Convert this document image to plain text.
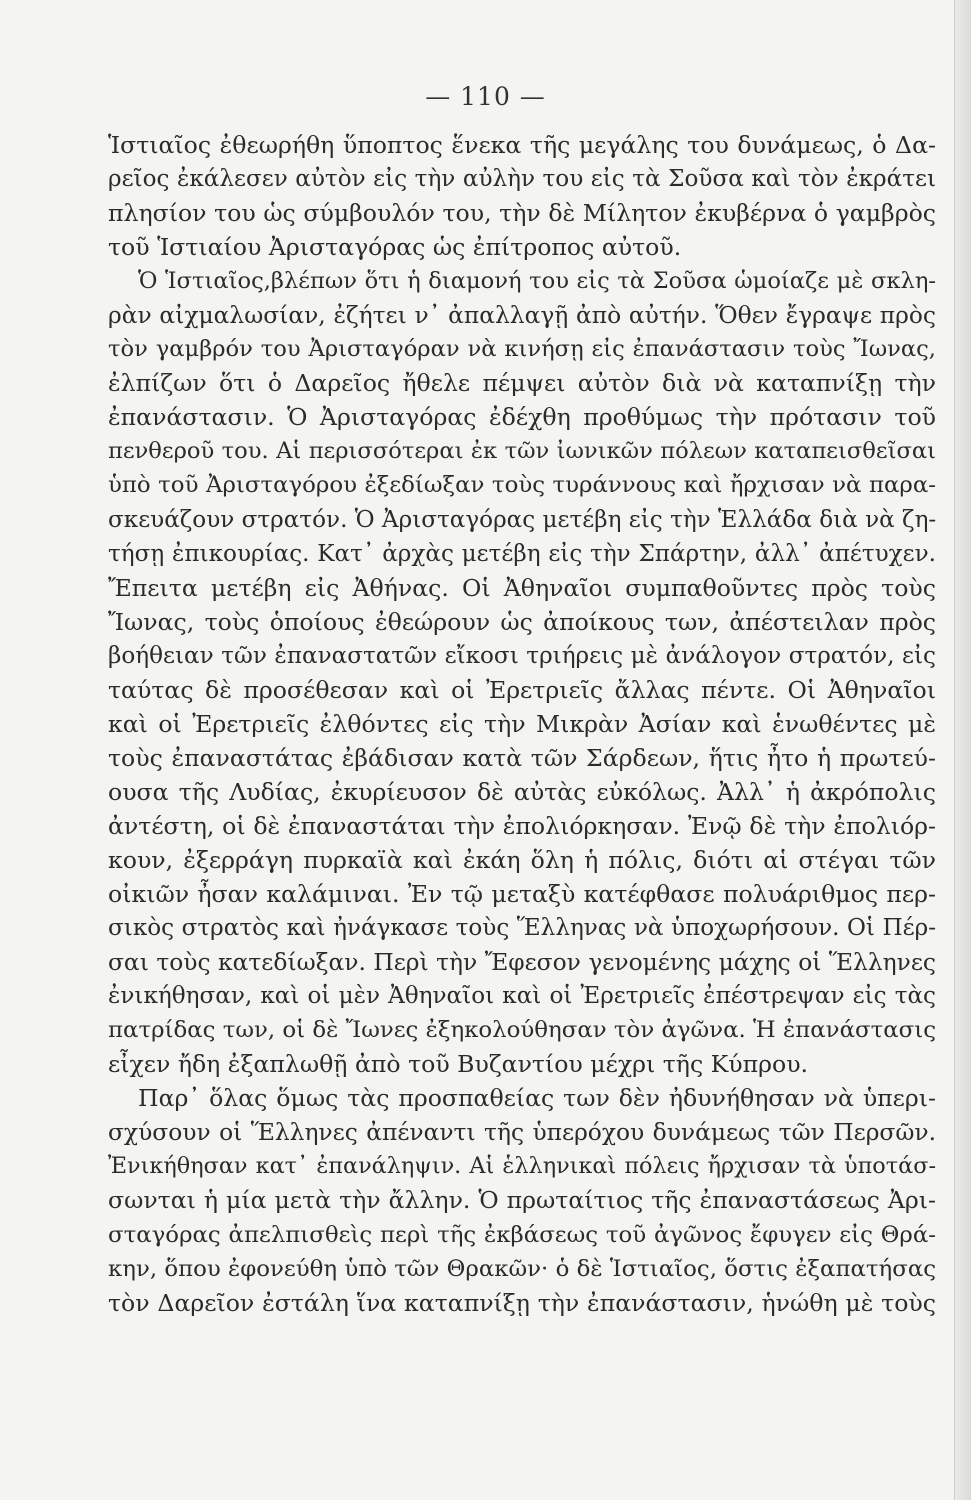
— 110 —

Ἱστιαῖος ἐθεωρήθη ὕποπτος ἕνεκα τῆς μεγάλης του δυνάμεως, ὁ Δα-
ρεῖος ἐκάλεσεν αὐτὸν εἰς τὴν αὐλὴν του εἰς τὰ Σοῦσα καὶ τὸν ἐκράτει
πλησίον του ὡς σύμβουλόν του, τὴν δὲ Μίλητον ἐκυβέρνα ὁ γαμβρὸς
τοῦ Ἱστιαίου Ἀρισταγόρας ὡς ἐπίτροπος αὐτοῦ.

Ὁ Ἱστιαῖος,βλέπων ὅτι ἡ διαμονή του εἰς τὰ Σοῦσα ὡμοίαζε μὲ σκλη-
ρὰν αἰχμαλωσίαν, ἐζήτει ν᾿ ἀπαλλαγῇ ἀπὸ αὐτήν. Ὅθεν ἔγραψε πρὸς
τὸν γαμβρόν του Ἀρισταγόραν νὰ κινήσῃ εἰς ἐπανάστασιν τοὺς Ἴωνας,
ἐλπίζων ὅτι ὁ Δαρεῖος ἤθελε πέμψει αὐτὸν διὰ νὰ καταπνίξῃ τὴν
ἐπανάστασιν. Ὁ Ἀρισταγόρας ἐδέχθη προθύμως τὴν πρότασιν τοῦ
πενθεροῦ του. Αἱ περισσότεραι ἐκ τῶν ἰωνικῶν πόλεων καταπεισθεῖσαι
ὑπὸ τοῦ Ἀρισταγόρου ἐξεδίωξαν τοὺς τυράννους καὶ ἤρχισαν νὰ παρα-
σκευάζουν στρατόν. Ὁ Ἀρισταγόρας μετέβη εἰς τὴν Ἑλλάδα διὰ νὰ ζη-
τήσῃ ἐπικουρίας. Κατ᾿ ἀρχὰς μετέβη εἰς τὴν Σπάρτην, ἀλλ᾿ ἀπέτυχεν.
Ἔπειτα μετέβη εἰς Ἀθήνας. Οἱ Ἀθηναῖοι συμπαθοῦντες πρὸς τοὺς
Ἴωνας, τοὺς ὁποίους ἐθεώρουν ὡς ἀποίκους των, ἀπέστειλαν πρὸς
βοήθειαν τῶν ἐπαναστατῶν εἴκοσι τριήρεις μὲ ἀνάλογον στρατόν, εἰς
ταύτας δὲ προσέθεσαν καὶ οἱ Ἐρετριεῖς ἄλλας πέντε. Οἱ Ἀθηναῖοι
καὶ οἱ Ἐρετριεῖς ἐλθόντες εἰς τὴν Μικρὰν Ἀσίαν καὶ ἑνωθέντες μὲ
τοὺς ἐπαναστάτας ἐβάδισαν κατὰ τῶν Σάρδεων, ἥτις ἦτο ἡ πρωτεύ-
ουσα τῆς Λυδίας, ἐκυρίευσον δὲ αὐτὰς εὐκόλως. Ἀλλ᾿ ἡ ἀκρόπολις
ἀντέστη, οἱ δὲ ἐπαναστάται τὴν ἐπολιόρκησαν. Ἐνῷ δὲ τὴν ἐπολιόρ-
κουν, ἐξερράγη πυρκαϊὰ καὶ ἐκάη ὅλη ἡ πόλις, διότι αἱ στέγαι τῶν
οἰκιῶν ἦσαν καλάμιναι. Ἐν τῷ μεταξὺ κατέφθασε πολυάριθμος περ-
σικὸς στρατὸς καὶ ἠνάγκασε τοὺς Ἕλληνας νὰ ὑποχωρήσουν. Οἱ Πέρ-
σαι τοὺς κατεδίωξαν. Περὶ τὴν Ἔφεσον γενομένης μάχης οἱ Ἕλληνες
ἐνικήθησαν, καὶ οἱ μὲν Ἀθηναῖοι καὶ οἱ Ἐρετριεῖς ἐπέστρεψαν εἰς τὰς
πατρίδας των, οἱ δὲ Ἴωνες ἐξηκολούθησαν τὸν ἀγῶνα. Ἡ ἐπανάστασις
εἶχεν ἤδη ἐξαπλωθῇ ἀπὸ τοῦ Βυζαντίου μέχρι τῆς Κύπρου.

Παρ᾿ ὅλας ὅμως τὰς προσπαθείας των δὲν ἠδυνήθησαν νὰ ὑπερι-
σχύσουν οἱ Ἕλληνες ἀπέναντι τῆς ὑπερόχου δυνάμεως τῶν Περσῶν.
Ἐνικήθησαν κατ᾿ ἐπανάληψιν. Αἱ ἑλληνικαὶ πόλεις ἤρχισαν τὰ ὑποτάσ-
σωνται ἡ μία μετὰ τὴν ἄλλην. Ὁ πρωταίτιος τῆς ἐπαναστάσεως Ἀρι-
σταγόρας ἀπελπισθεὶς περὶ τῆς ἐκβάσεως τοῦ ἀγῶνος ἔφυγεν εἰς Θρά-
κην, ὅπου ἐφονεύθη ὑπὸ τῶν Θρακῶν· ὁ δὲ Ἱστιαῖος, ὅστις ἐξαπατήσας
τὸν Δαρεῖον ἐστάλη ἵνα καταπνίξῃ τὴν ἐπανάστασιν, ἡνώθη μὲ τοὺς
